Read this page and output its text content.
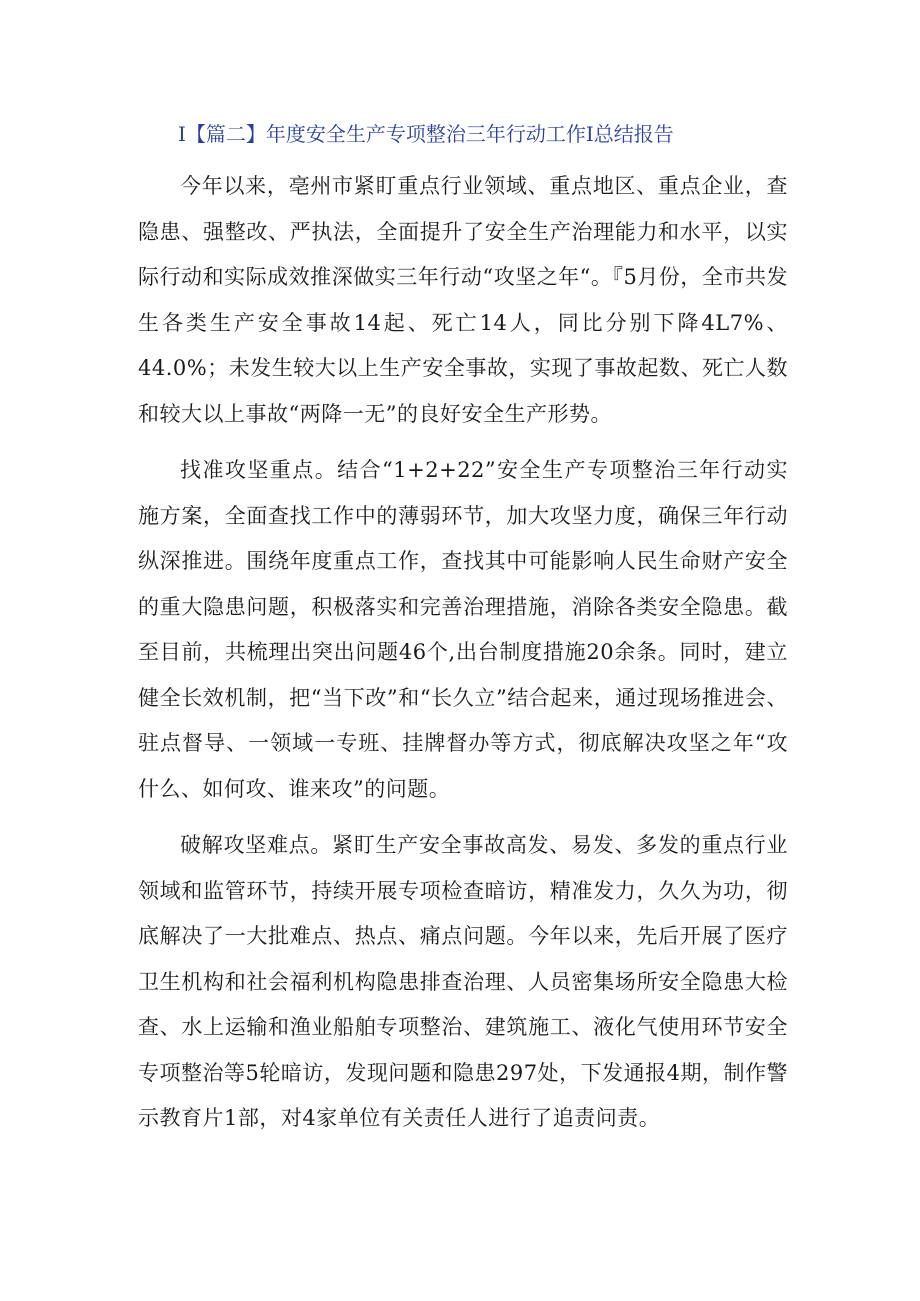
I【篇二】年度安全生产专项整治三年行动工作I总结报告

今年以来，亳州市紧盯重点行业领域、重点地区、重点企业，查隐患、强整改、严执法，全面提升了安全生产治理能力和水平，以实际行动和实际成效推深做实三年行动“攻坚之年“。『5月份，全市共发生各类生产安全事故14起、死亡14人，同比分别下降4L7%、44.0%；未发生较大以上生产安全事故，实现了事故起数、死亡人数和较大以上事故“两降一无”的良好安全生产形势。

找准攻坚重点。结合“1+2+22”安全生产专项整治三年行动实施方案，全面查找工作中的薄弱环节，加大攻坚力度，确保三年行动纵深推进。围绕年度重点工作，查找其中可能影响人民生命财产安全的重大隐患问题，积极落实和完善治理措施，消除各类安全隐患。截至目前，共梳理出突出问题46个,出台制度措施20余条。同时，建立健全长效机制，把“当下改”和“长久立”结合起来，通过现场推进会、驻点督导、一领域一专班、挂牌督办等方式，彻底解决攻坚之年“攻什么、如何攻、谁来攻”的问题。

破解攻坚难点。紧盯生产安全事故高发、易发、多发的重点行业领域和监管环节，持续开展专项检查暗访，精准发力，久久为功，彻底解决了一大批难点、热点、痛点问题。今年以来，先后开展了医疗卫生机构和社会福利机构隐患排查治理、人员密集场所安全隐患大检查、水上运输和渔业船舶专项整治、建筑施工、液化气使用环节安全专项整治等5轮暗访，发现问题和隐患297处，下发通报4期，制作警示教育片1部，对4家单位有关责任人进行了追责问责。
